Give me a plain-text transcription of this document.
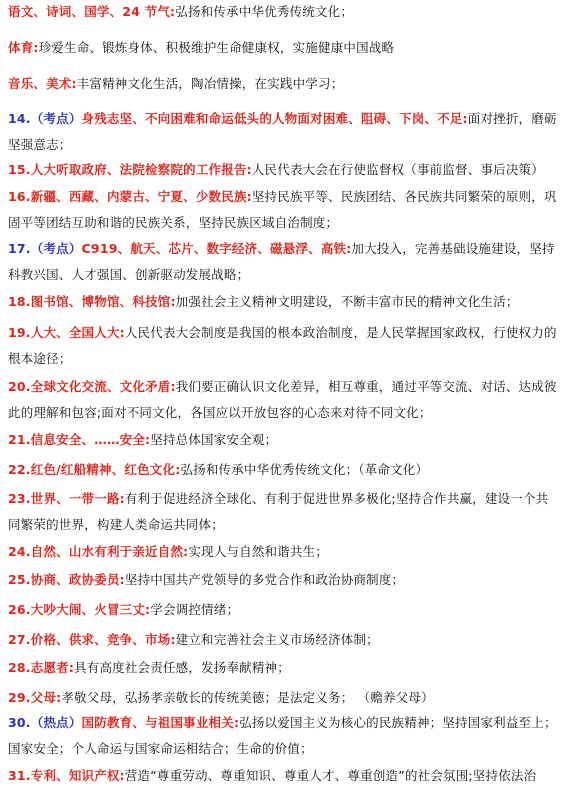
语文、诗词、国学、24 节气:弘扬和传承中华优秀传统文化；
体育:珍爱生命、锻炼身体、积极维护生命健康权，实施健康中国战略
音乐、美术:丰富精神文化生活，陶冶情操，在实践中学习；
14.（考点）身残志坚、不向困难和命运低头的人物面对困难、阻碍、下岗、不足:面对挫折，磨砺坚强意志；
15.人大听取政府、法院检察院的工作报告:人民代表大会在行使监督权（事前监督、事后决策）
16.新疆、西藏、内蒙古、宁夏、少数民族:坚持民族平等、民族团结、各民族共同繁荣的原则，巩固平等团结互助和谐的民族关系，坚持民族区域自治制度；
17.（考点）C919、航天、芯片、数字经济、磁悬浮、高铁:加大投入，完善基础设施建设，坚持科教兴国、人才强国、创新驱动发展战略；
18.图书馆、博物馆、科技馆:加强社会主义精神文明建设，不断丰富市民的精神文化生活；
19.人大、全国人大:人民代表大会制度是我国的根本政治制度，是人民掌握国家政权，行使权力的根本途径；
20.全球文化交流、文化矛盾:我们要正确认识文化差异，相互尊重，通过平等交流、对话、达成彼此的理解和包容;面对不同文化，各国应以开放包容的心态来对待不同文化；
21.信息安全、……安全:坚持总体国家安全观；
22.红色/红船精神、红色文化:弘扬和传承中华优秀传统文化；（革命文化）
23.世界、一带一路:有利于促进经济全球化、有利于促进世界多极化;坚持合作共赢，建设一个共同繁荣的世界，构建人类命运共同体；
24.自然、山水有利于亲近自然:实现人与自然和谐共生；
25.协商、政协委员:坚持中国共产党领导的多党合作和政治协商制度；
26.大吵大闹、火冒三丈:学会调控情绪；
27.价格、供求、竞争、市场:建立和完善社会主义市场经济体制；
28.志愿者:具有高度社会责任感，发扬奉献精神；
29.父母:孝敬父母，弘扬孝亲敬长的传统美德；是法定义务； （赡养父母）
30.（热点）国防教育、与祖国事业相关:弘扬以爱国主义为核心的民族精神；坚持国家利益至上；国家安全；个人命运与国家命运相结合；生命的价值；
31.专利、知识产权:营造“尊重劳动、尊重知识、尊重人才、尊重创造”的社会氛围;坚持依法治
